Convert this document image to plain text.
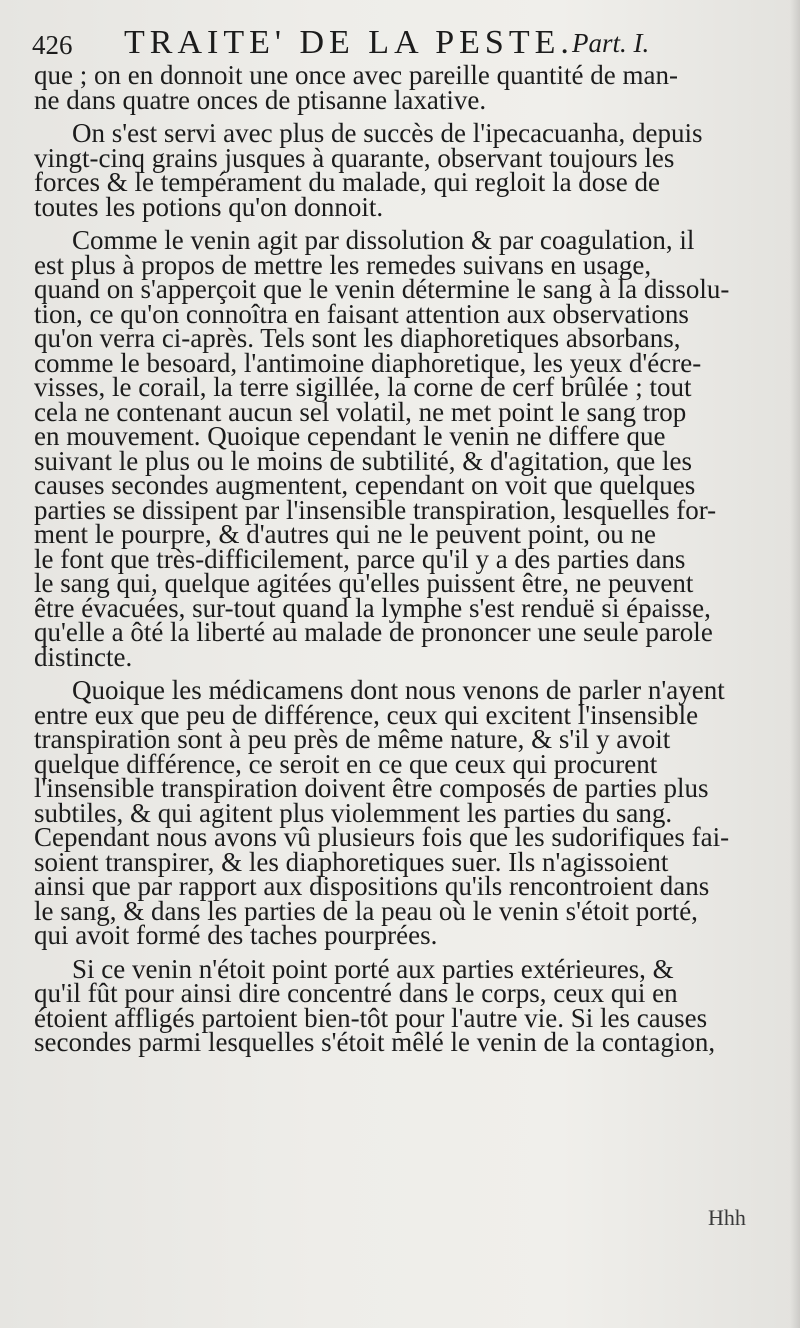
426 TRAITE' DE LA PESTE.
Part. I.
que ; on en donnoit une once avec pareille quantité de man-
ne dans quatre onces de ptisanne laxative.
On s'est servi avec plus de succès de l'ipecacuanha, depuis
vingt-cinq grains jusques à quarante, observant toujours les
forces & le tempérament du malade, qui regloit la dose de
toutes les potions qu'on donnoit.
Comme le venin agit par dissolution & par coagulation, il
est plus à propos de mettre les remedes suivans en usage,
quand on s'apperçoit que le venin détermine le sang à la dissolu-
tion, ce qu'on connoîtra en faisant attention aux observations
qu'on verra ci-après. Tels sont les diaphoretiques absorbans,
comme le besoard, l'antimoine diaphoretique, les yeux d'écre-
visses, le corail, la terre sigillée, la corne de cerf brûlée ; tout
cela ne contenant aucun sel volatil, ne met point le sang trop
en mouvement. Quoique cependant le venin ne differe que
suivant le plus ou le moins de subtilité, & d'agitation, que les
causes secondes augmentent, cependant on voit que quelques
parties se dissipent par l'insensible transpiration, lesquelles for-
ment le pourpre, & d'autres qui ne le peuvent point, ou ne
le font que très-difficilement, parce qu'il y a des parties dans
le sang qui, quelque agitées qu'elles puissent être, ne peuvent
être évacuées, sur-tout quand la lymphe s'est renduë si épaisse,
qu'elle a ôté la liberté au malade de prononcer une seule parole
distincte.
Quoique les médicamens dont nous venons de parler n'ayent
entre eux que peu de différence, ceux qui excitent l'insensible
transpiration sont à peu près de même nature, & s'il y avoit
quelque différence, ce seroit en ce que ceux qui procurent
l'insensible transpiration doivent être composés de parties plus
subtiles, & qui agitent plus violemment les parties du sang.
Cependant nous avons vû plusieurs fois que les sudorifiques fai-
soient transpirer, & les diaphoretiques suer. Ils n'agissoient
ainsi que par rapport aux dispositions qu'ils rencontroient dans
le sang, & dans les parties de la peau où le venin s'étoit porté,
qui avoit formé des taches pourprées.
Si ce venin n'étoit point porté aux parties extérieures, &
qu'il fût pour ainsi dire concentré dans le corps, ceux qui en
étoient affligés partoient bien-tôt pour l'autre vie. Si les causes
secondes parmi lesquelles s'étoit mêlé le venin de la contagion,
Hhh
